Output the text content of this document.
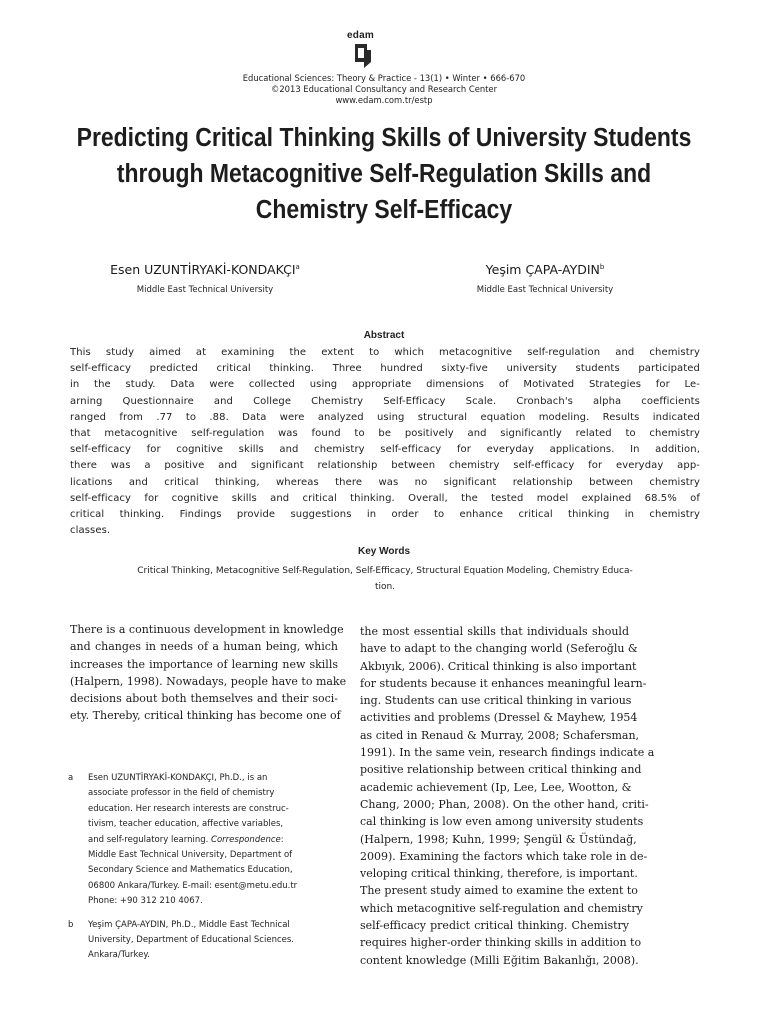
edam
Educational Sciences: Theory & Practice - 13(1) • Winter • 666-670
©2013 Educational Consultancy and Research Center
www.edam.com.tr/estp
Predicting Critical Thinking Skills of University Students
through Metacognitive Self-Regulation Skills and
Chemistry Self-Efficacy
Esen UZUNTİRYAKİ-KONDAKÇI$^a$
Middle East Technical University
Yeşim ÇAPA-AYDIN$^b$
Middle East Technical University
Abstract
This study aimed at examining the extent to which metacognitive self-regulation and chemistry
self-efficacy predicted critical thinking. Three hundred sixty-five university students participated
in the study. Data were collected using appropriate dimensions of Motivated Strategies for Le-
arning Questionnaire and College Chemistry Self-Efficacy Scale. Cronbach's alpha coefficients
ranged from .77 to .88. Data were analyzed using structural equation modeling. Results indicated
that metacognitive self-regulation was found to be positively and significantly related to chemistry
self-efficacy for cognitive skills and chemistry self-efficacy for everyday applications. In addition,
there was a positive and significant relationship between chemistry self-efficacy for everyday app-
lications and critical thinking, whereas there was no significant relationship between chemistry
self-efficacy for cognitive skills and critical thinking. Overall, the tested model explained 68.5% of
critical thinking. Findings provide suggestions in order to enhance critical thinking in chemistry
classes.
Key Words
Critical Thinking, Metacognitive Self-Regulation, Self-Efficacy, Structural Equation Modeling, Chemistry Educa-
tion.
There is a continuous development in knowledge
and changes in needs of a human being, which
increases the importance of learning new skills
(Halpern, 1998). Nowadays, people have to make
decisions about both themselves and their soci-
ety. Thereby, critical thinking has become one of
the most essential skills that individuals should
have to adapt to the changing world (Seferoğlu &
Akbıyık, 2006). Critical thinking is also important
for students because it enhances meaningful learn-
ing. Students can use critical thinking in various
activities and problems (Dressel & Mayhew, 1954
as cited in Renaud & Murray, 2008; Schafersman,
1991). In the same vein, research findings indicate a
positive relationship between critical thinking and
academic achievement (Ip, Lee, Lee, Wootton, &
Chang, 2000; Phan, 2008). On the other hand, criti-
cal thinking is low even among university students
(Halpern, 1998; Kuhn, 1999; Şengül & Üstündağ,
2009). Examining the factors which take role in de-
veloping critical thinking, therefore, is important.
The present study aimed to examine the extent to
which metacognitive self-regulation and chemistry
self-efficacy predict critical thinking. Chemistry
requires higher-order thinking skills in addition to
content knowledge (Milli Eğitim Bakanlığı, 2008).
a Esen UZUNTİRYAKİ-KONDAKÇI, Ph.D., is an
associate professor in the field of chemistry
education. Her research interests are construc-
tivism, teacher education, affective variables,
and self-regulatory learning. Correspondence:
Middle East Technical University, Department of
Secondary Science and Mathematics Education,
06800 Ankara/Turkey. E-mail: esent@metu.edu.tr
Phone: +90 312 210 4067.
b Yeşim ÇAPA-AYDIN, Ph.D., Middle East Technical
University, Department of Educational Sciences.
Ankara/Turkey.
